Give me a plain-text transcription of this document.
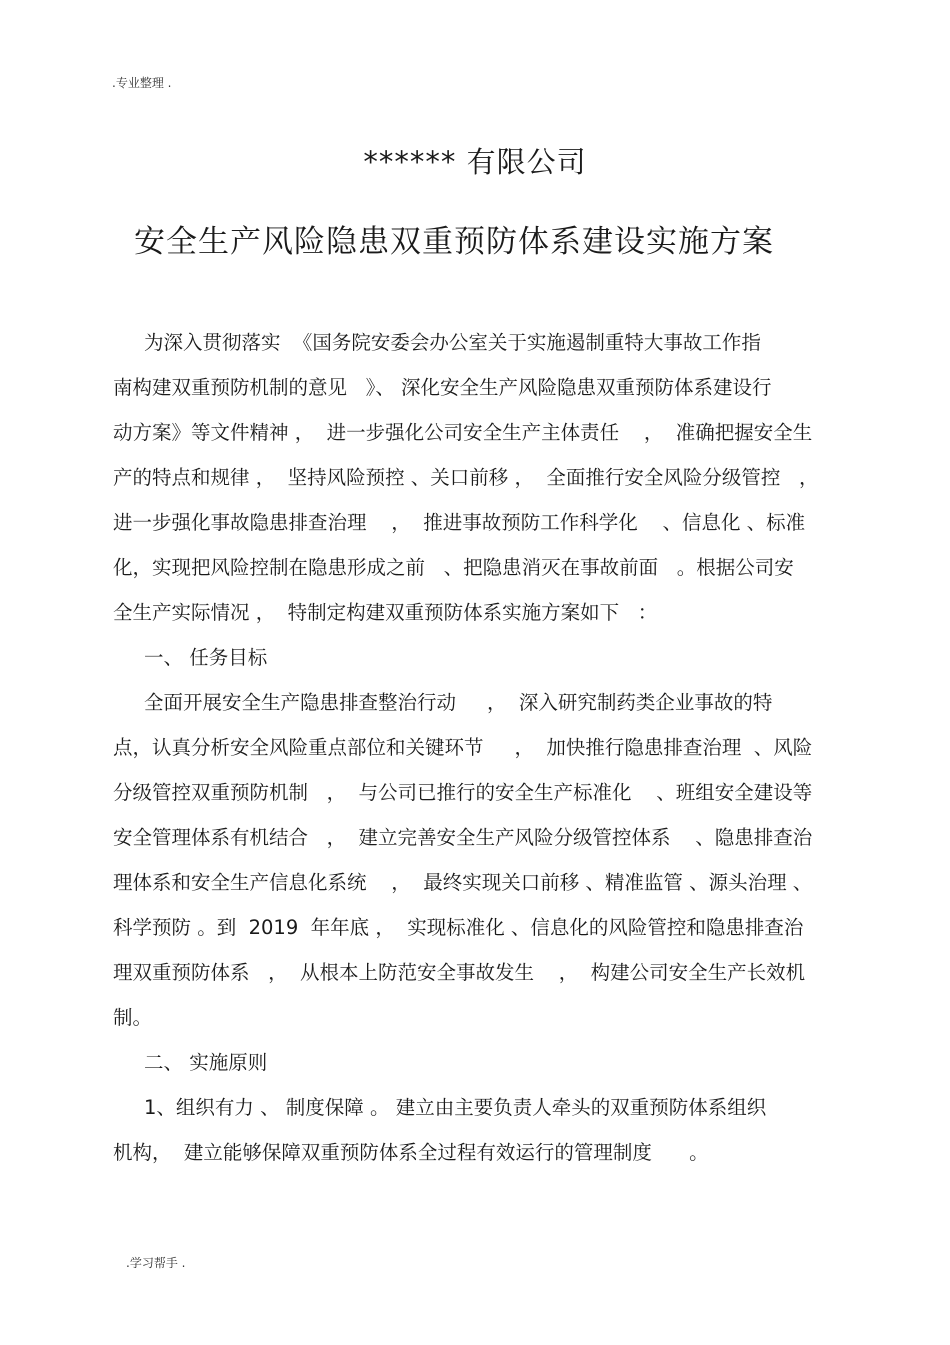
.专业整理 .
****** 有限公司
安全生产风险隐患双重预防体系建设实施方案
为深入贯彻落实  《国务院安委会办公室关于实施遏制重特大事故工作指
南构建双重预防机制的意见   》、 深化安全生产风险隐患双重预防体系建设行
动方案》等文件精神 ，  进一步强化公司安全生产主体责任    ，  准确把握安全生
产的特点和规律 ，  坚持风险预控 、关口前移 ，  全面推行安全风险分级管控   ，
进一步强化事故隐患排查治理    ，  推进事故预防工作科学化    、信息化 、标准
化，实现把风险控制在隐患形成之前   、把隐患消灭在事故前面   。根据公司安
全生产实际情况 ，  特制定构建双重预防体系实施方案如下   ：
一、 任务目标
全面开展安全生产隐患排查整治行动     ，  深入研究制药类企业事故的特
点，认真分析安全风险重点部位和关键环节     ，  加快推行隐患排查治理  、风险
分级管控双重预防机制   ，  与公司已推行的安全生产标准化    、班组安全建设等
安全管理体系有机结合   ，  建立完善安全生产风险分级管控体系    、隐患排查治
理体系和安全生产信息化系统    ，  最终实现关口前移 、精准监管 、源头治理 、
科学预防 。到  2019  年年底 ，  实现标准化 、信息化的风险管控和隐患排查治
理双重预防体系   ，  从根本上防范安全事故发生    ，  构建公司安全生产长效机
制。
二、 实施原则
1、组织有力 、 制度保障 。 建立由主要负责人牵头的双重预防体系组织
机构，  建立能够保障双重预防体系全过程有效运行的管理制度      。
.学习帮手 .
